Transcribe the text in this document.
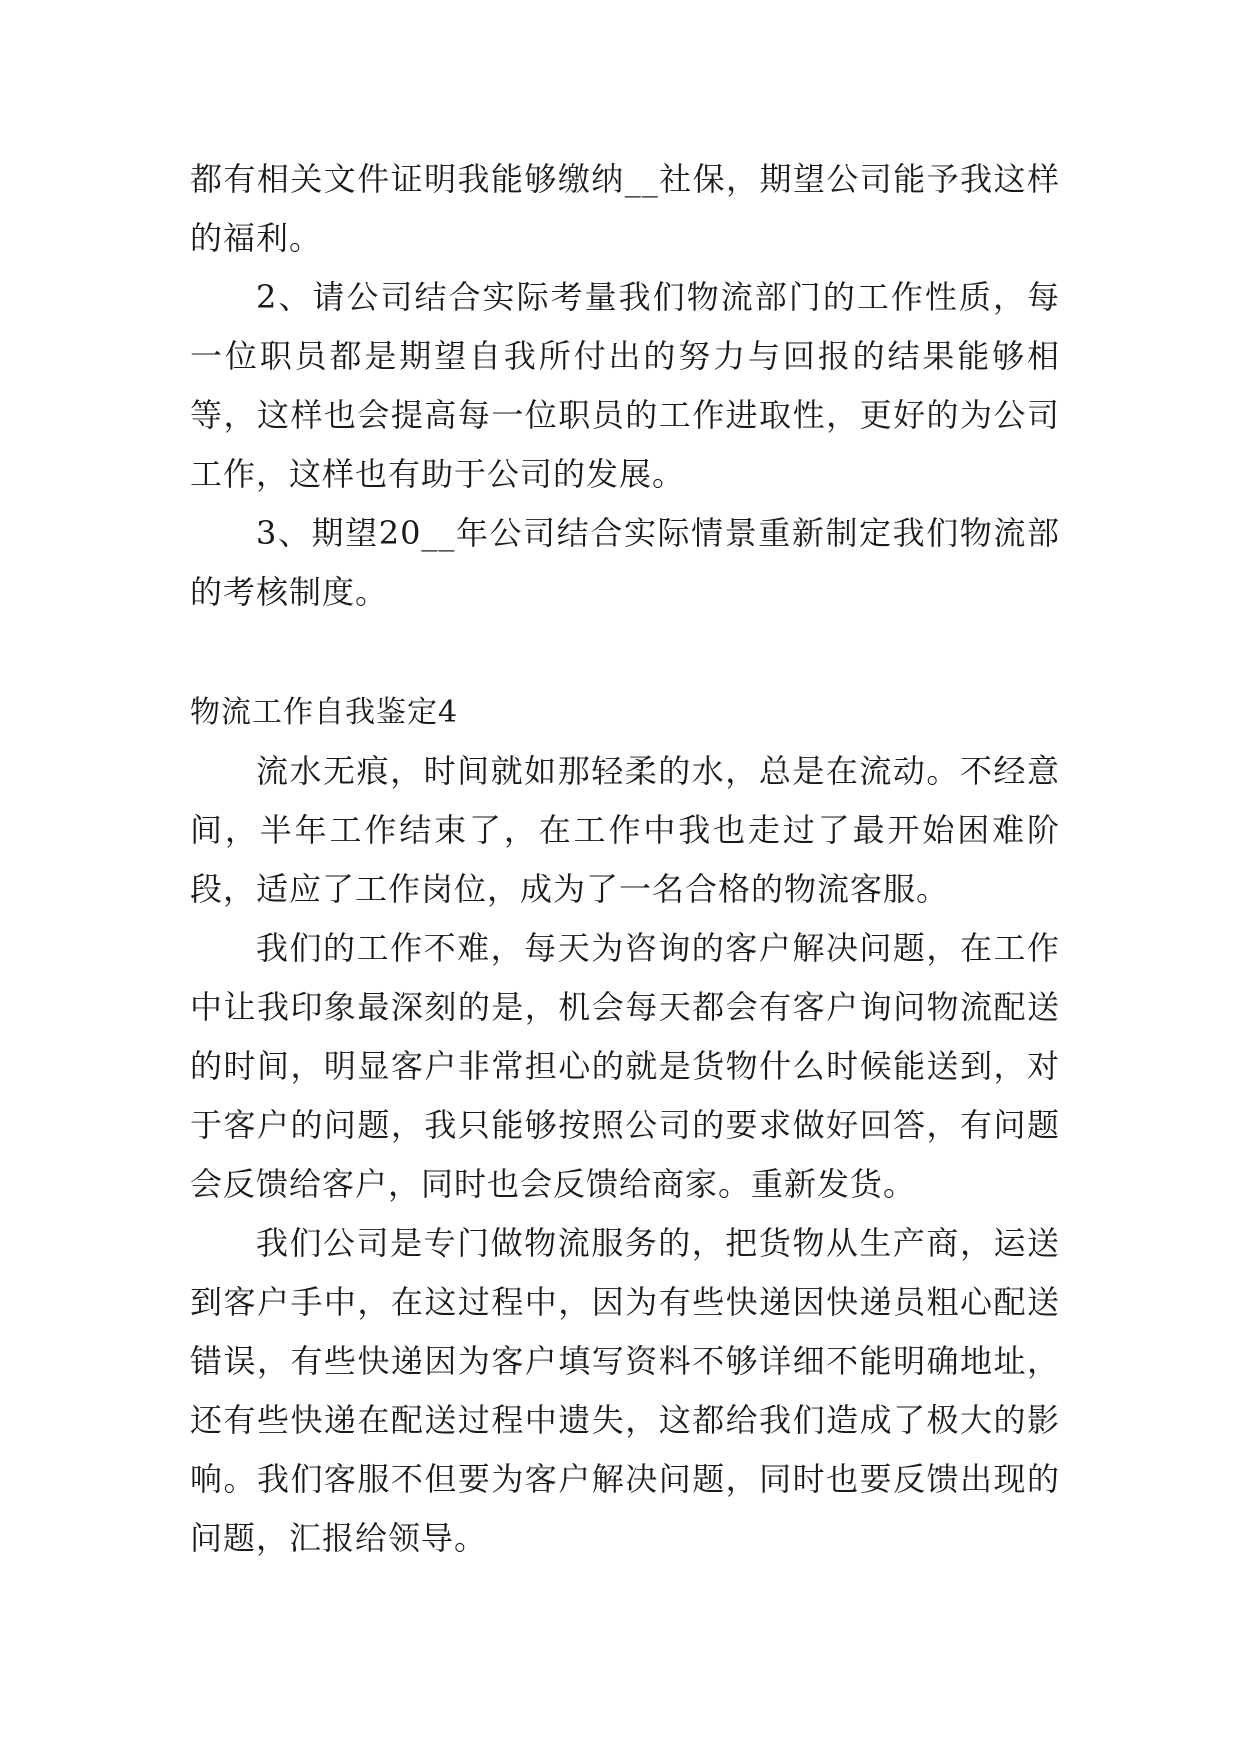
都有相关文件证明我能够缴纳__社保，期望公司能予我这样的福利。

2、请公司结合实际考量我们物流部门的工作性质，每一位职员都是期望自我所付出的努力与回报的结果能够相等，这样也会提高每一位职员的工作进取性，更好的为公司工作，这样也有助于公司的发展。

3、期望20__年公司结合实际情景重新制定我们物流部的考核制度。

物流工作自我鉴定4

流水无痕，时间就如那轻柔的水，总是在流动。不经意间，半年工作结束了，在工作中我也走过了最开始困难阶段，适应了工作岗位，成为了一名合格的物流客服。

我们的工作不难，每天为咨询的客户解决问题，在工作中让我印象最深刻的是，机会每天都会有客户询问物流配送的时间，明显客户非常担心的就是货物什么时候能送到，对于客户的问题，我只能够按照公司的要求做好回答，有问题会反馈给客户，同时也会反馈给商家。重新发货。

我们公司是专门做物流服务的，把货物从生产商，运送到客户手中，在这过程中，因为有些快递因快递员粗心配送错误，有些快递因为客户填写资料不够详细不能明确地址，还有些快递在配送过程中遗失，这都给我们造成了极大的影响。我们客服不但要为客户解决问题，同时也要反馈出现的问题，汇报给领导。
